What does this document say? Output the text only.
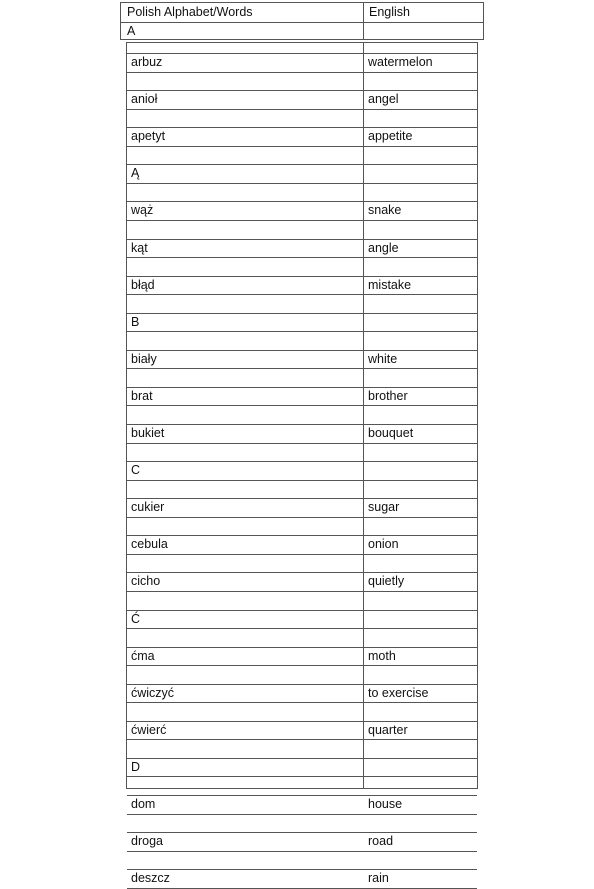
Polish Alphabet/Words	English
A
arbuz	watermelon
anioł	angel
apetyt	appetite
Ą
wąż	snake
kąt	angle
błąd	mistake
B
biały	white
brat	brother
bukiet	bouquet
C
cukier	sugar
cebula	onion
cicho	quietly
Ć
ćma	moth
ćwiczyć	to exercise
ćwierć	quarter
D
dom	house
droga	road
deszcz	rain
